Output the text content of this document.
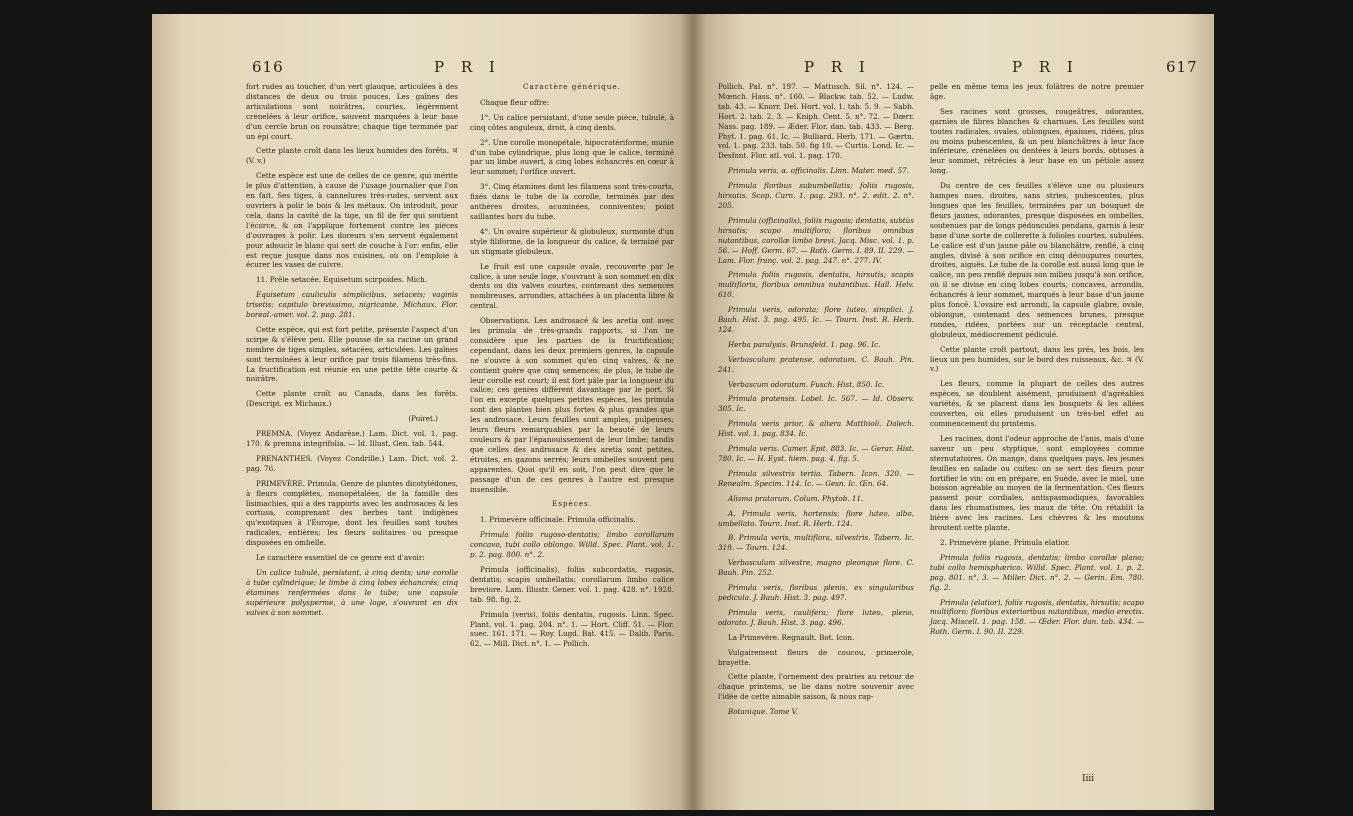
616	P R I

fort rudes au toucher, d'un vert glauque, articulées à des distances de deux ou trois pouces. Les gaînes des articulations sont noirâtres, courtes, légèrement crénelées à leur orifice, souvent marquées à leur base d'un cercle brun ou roussâtre; chaque tige terminée par un épi court.

Cette plante croît dans les lieux humides des forêts. ♃ (V. v.)

Cette espèce est une de celles de ce genre, qui mérite le plus d'attention, à cause de l'usage journalier que l'on en fait. Ses tiges, à cannelures très-rudes, servent aux ouvriers à polir le bois & les métaux. On introduit, pour cela, dans la cavité de la tige, un fil de fer qui soutient l'écorce, & on l'applique fortement contre les pièces d'ouvrages à polir. Les doreurs s'en servent également pour adoucir le blanc qui sert de couche à l'or: enfin, elle est reçue jusque dans nos cuisines, où on l'emploie à écurer les vases de cuivre.

11. Prêle setacée. Equisetum scirpoides. Mich.

Equisetum cauliculis simplicibus, setaceis; vaginis trisetis; capitulo brevissimo, nigricante. Michaux. Flor. boreal.-amer. vol. 2. pag. 281.

Cette espèce, qui est fort petite, présente l'aspect d'un scirpe & s'élève peu. Elle pousse de sa racine un grand nombre de tiges simples, sétacées, articulées. Les gaînes sont terminées à leur orifice par trois filamens très-fins. La fructification est réunie en une petite tête courte & noirâtre.

Cette plante croît au Canada, dans les forêts. (Descript. ex Michaux.)

(Poiret.)

PREMNA. (Voyez Andarèse.) Lam. Dict. vol. 1. pag. 170. & premna integrifolia. — Id. Illust. Gen. tab. 544.

PRENANTHES. (Voyez Condrille.) Lam. Dict. vol. 2. pag. 76.

PRIMEVÈRE. Primula. Genre de plantes dicotylédones, à fleurs complètes, monopétalées, de la famille des lisimachies, qui a des rapports avec les androsaces & les cortusa, comprenant des herbes tant indigènes qu'exotiques à l'Europe, dont les feuilles sont toutes radicales, entières; les fleurs solitaires ou presque disposées en ombelle.

Le caractère essentiel de ce genre est d'avoir:

Un calice tubulé, persistant, à cinq dents; une corolle à tube cylindrique; le limbe à cinq lobes échancrés; cinq étamines renfermées dans le tube; une capsule supérieure polysperme, à une loge, s'ouvrant en dix valves à son sommet.

Caractère générique.

Chaque fleur offre:

1°. Un calice persistant, d'une seule pièce, tubulé, à cinq côtes anguleux, droit, à cinq dents.

2°. Une corolle monopétale, hipocratériforme, munie d'un tube cylindrique, plus long que le calice, terminé par un limbe ouvert, à cinq lobes échancrés en cœur à leur sommet; l'orifice ouvert.

3°. Cinq étamines dont les filamens sont très-courts, fixés dans le tube de la corolle, terminés par des anthères droites, acuminées, conniventes; point saillantes hors du tube.

4°. Un ovaire supérieur & globuleux, surmonté d'un style filiforme, de la longueur du calice, & terminé par un stigmate globuleux.

Le fruit est une capsule ovale, recouverte par le calice, à une seule loge, s'ouvrant à son sommet en dix dents ou dix valves courtes, contenant des semences nombreuses, arrondies, attachées à un placenta libre & central.

Observations. Les androsacé & les aretia ont avec les primula de très-grands rapports, si l'on ne considère que les parties de la fructification; cependant, dans les deux premiers genres, la capsule ne s'ouvre à son sommet qu'en cinq valves, & ne contient guère que cinq semences; de plus, le tube de leur corolle est court; il est fort pâle par la longueur du calice; ces genres diffèrent davantage par le port. Si l'on en excepte quelques petites espèces, les primula sont des plantes bien plus fortes & plus grandes que les androsace. Leurs feuilles sont amples, pulpeuses; leurs fleurs remarquables par la beauté de leurs couleurs & par l'épanouissement de leur limbe; tandis que celles des androsace & des aretia sont petites, étroites, en gazons serrés; leurs ombelles souvent peu apparentes. Quoi qu'il en soit, l'on peut dire que le passage d'un de ces genres à l'autre est presque insensible.

Espèces.

1. Primevère officinale. Primula officinalis.

Primula foliis rugoso-dentatis; limbo corollarum concavo, tubi collo oblongo. Willd. Spec. Plant. vol. 1. p. 2. pag. 800. n°. 2.

Primula (officinalis), foliis subcordatis, rugosis, dentatis; scapis umbellatis; corollarum limbo calice breviore. Lam. Illustr. Gener. vol. 1. pag. 428. n°. 1928. tab. 98. fig. 2.

Primula (veris), foliis dentatis, rugosis. Linn. Spec. Plant. vol. 1. pag. 204. n°. 1. — Hort. Cliff. 51. — Flor. suec. 161. 171. — Roy. Lugd. Bat. 415. — Dalib. Paris. 62. — Mill. Dict. n°. 1. — Pollich.

P R I	P R I	617

Pollich. Pal. n°. 197. — Mattusch. Sil. n°. 124. — Mœnch. Hass. n°. 160. — Blackw. tab. 52. — Ludw. tab. 43. — Knorr. Del. Hort. vol. 1. tab. 5. 9. — Sabb. Hort. 2. tab. 2. 3. — Kniph. Cent. 5. n°. 72. — Dœrr. Nass. pag. 189. — Æder. Flor. dan. tab. 433. — Berg. Phyt. 1. pag. 61. Ic. — Bulliard. Herb. 171. — Gærtn. vol. 1. pag. 233. tab. 50. fig 10. — Curtis. Lond. Ic. — Desfont. Flor. atl. vol. 1. pag. 170.

Primula veris, α. officinalis. Linn. Mater. med. 57.

Primula floribus subumbellatis; foliis rugosis, hirsutis. Scop. Carn. 1. pag. 293. n°. 2. edit. 2. n°. 205.

Primula (officinalis), foliis rugosis; dentatis, subtùs hirsutis; scapo multifloro; floribus omnibus nutantibus, corollæ limbo brevi. Jacq. Misc. vol. 1. p. 56. — Hoff. Germ. 67. — Roth. Germ. I. 89. II. 229. — Lam. Flor. franç. vol. 2. pag. 247. n°. 277. IV.

Primula foliis rugosis, dentatis, hirsutis; scapis multifloris, floribus omnibus nutantibus. Hall. Helv. 610.

Primula veris, odorata; flore luteo, simplici. J. Bauh. Hist. 3. pag. 495. Ic. — Tourn. Inst. R. Herb. 124.

Herba paralysis. Brunsfeld. 1. pag. 96. Ic.

Verbasculum pratense, odoratum. C. Bauh. Pin. 241.

Verbascum odoratum. Fusch. Hist. 850. Ic.

Primula pratensis. Lobel. Ic. 567. — Id. Observ. 305. Ic.

Primula veris prior, & altera Matthioli. Dalech. Hist. vol. 1. pag. 834. Ic.

Primula veris. Camer. Epit. 883. Ic. — Gerar. Hist. 780. Ic. — H. Eyst. hiem. pag. 4. fig. 5.

Primula silvestris tertia. Tabern. Icon. 320. — Renealm. Specim. 114. Ic. — Gesn. Ic. Œn. 64.

Alisma pratorum. Colum. Phytob. 11.

A. Primula veris, hortensis; flore luteo, albo, umbellato. Tourn. Inst. R. Herb. 124.

B. Primula veris, multiflora, silvestris. Tabern. Ic. 319. — Tourn. 124.

Verbasculum silvestre, magno pleonque flore. C. Bauh. Pin. 252.

Primula veris, floribus plenis, ex singularibus pedicula. J. Bauh. Hist. 3. pag. 497.

Primula veris, caulifera; flore luteo, pleno, odorato. J. Bauh. Hist. 3. pag. 496.

La Primevère. Regnault. Bot. Icon.

Vulgairement fleurs de coucou, primerole, brayette.

Cette plante, l'ornement des prairies au retour de chaque printems, se lie dans notre souvenir avec l'idée de cette aimable saison, & nous rap-

Botanique. Tome V.

pelle en même tems les jeux folâtres de notre premier âge.

Ses racines sont grosses, rougeâtres, odorantes, garnies de fibres blanches & charnues. Les feuilles sont toutes radicales, ovales, oblongues, épaisses, ridées, plus ou moins pubescentes, & un peu blanchâtres à leur face inférieure, crénelées ou dentées à leurs bords, obtuses à leur sommet, rétrécies à leur base en un pétiole assez long.

Du centre de ces feuilles s'élève une ou plusieurs hampes nues, droites, sans stries, pubescentes, plus longues que les feuilles, terminées par un bouquet de fleurs jaunes, odorantes, presque disposées en ombelles, soutenues par de longs pédoncules pendans, garnis à leur base d'une sorte de collerette à folioles courtes, subulées. Le calice est d'un jaune pâle ou blanchâtre, renflé, à cinq angles, divisé à son orifice en cinq découpures courtes, droites, aiguës. Le tube de la corolle est aussi long que le calice, un peu renflé depuis son milieu jusqu'à son orifice, où il se divise en cinq lobes courts, concaves, arrondis, échancrés à leur sommet, marqués à leur base d'un jaune plus foncé. L'ovaire est arrondi, la capsule glabre, ovale, oblongue, contenant des semences brunes, presque rondes, ridées, portées sur un réceptacle central, globuleux, médiocrement pédiculé.

Cette plante croît partout, dans les prés, les bois, les lieux un peu humides, sur le bord des ruisseaux, &c. ♃ (V. v.)

Les fleurs, comme la plupart de celles des autres espèces, se doublent aisément, produisent d'agréables variétés, & se placent dans les bosquets & les allées couvertes, où elles produisent un très-bel effet au commencement du printems.

Les racines, dont l'odeur approche de l'anis, mais d'une saveur un peu styptique, sont employées comme sternutatoires. On mange, dans quelques pays, les jeunes feuilles en salade ou cuites: on se sert des fleurs pour fortifier le vin: on en prépare, en Suède, avec le miel, une boisson agréable au moyen de la fermentation. Ces fleurs passent pour cordiales, antispasmodiques, favorables dans les rhumatismes, les maux de tête. On rétablit la bière avec les racines. Les chèvres & les moutons broutent cette plante.

2. Primevère plane. Primula elatior.

Primula foliis rugosis, dentatis; limbo corollæ plano; tubi collo hemisphærico. Willd. Spec. Plant. vol. 1. p. 2. pag. 801. n°. 3. — Miller. Dict. n°. 2. — Gerin. Em. 780. fig. 2.

Primula (elatior), foliis rugosis, dentatis, hirsutis; scapo multifloro; floribus exterioribus nutantibus, medio erectis. Jacq. Miscell. 1. pag. 158. — Œder. Flor. dan. tab. 434. — Roth. Germ. I. 90. II. 229.

Iiii
